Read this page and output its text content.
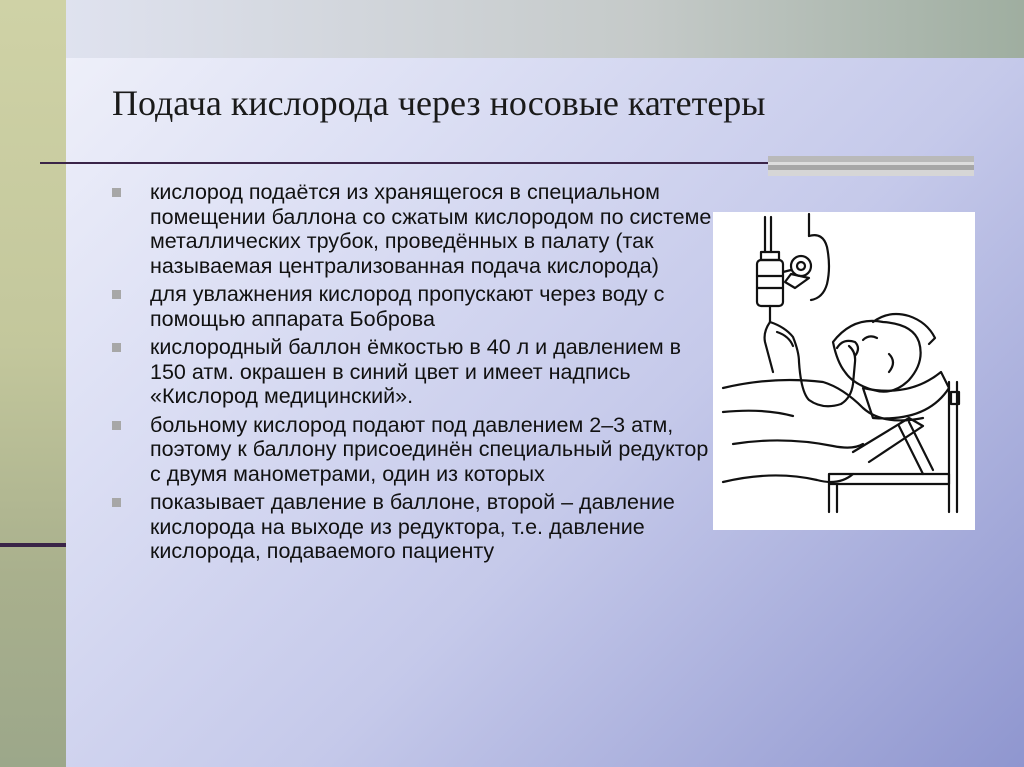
Подача кислорода через носовые катетеры
кислород подаётся из хранящегося в специальном помещении баллона со сжатым кислородом по системе металлических трубок, проведённых в палату (так называемая централизованная подача кислорода)
для увлажнения кислород пропускают через воду с помощью аппарата Боброва
кислородный баллон ёмкостью в 40 л и давлением в 150 атм. окрашен в синий цвет и имеет надпись «Кислород медицинский».
больному кислород подают под давлением 2–3 атм, поэтому к баллону присоединён специальный редуктор с двумя манометрами, один из которых
показывает давление в баллоне, второй – давление кислорода на выходе из редуктора, т.е. давление кислорода, подаваемого пациенту
